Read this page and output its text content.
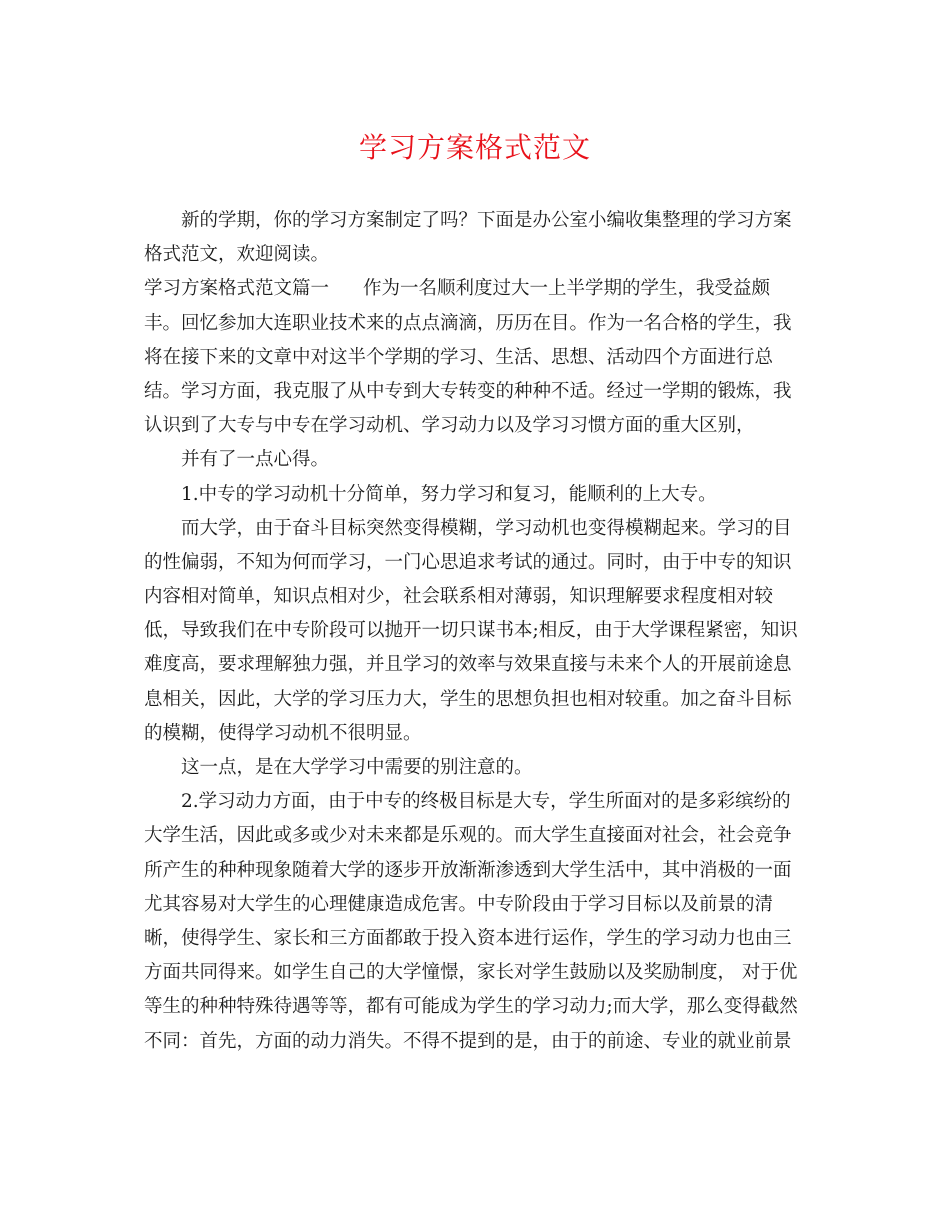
学习方案格式范文
新的学期，你的学习方案制定了吗？下面是办公室小编收集整理的学习方案
格式范文，欢迎阅读。
学习方案格式范文篇一 作为一名顺利度过大一上半学期的学生，我受益颇
丰。回忆参加大连职业技术来的点点滴滴，历历在目。作为一名合格的学生，我
将在接下来的文章中对这半个学期的学习、生活、思想、活动四个方面进行总
结。学习方面，我克服了从中专到大专转变的种种不适。经过一学期的锻炼，我
认识到了大专与中专在学习动机、学习动力以及学习习惯方面的重大区别，
并有了一点心得。
1.中专的学习动机十分简单，努力学习和复习，能顺利的上大专。
而大学，由于奋斗目标突然变得模糊，学习动机也变得模糊起来。学习的目
的性偏弱，不知为何而学习，一门心思追求考试的通过。同时，由于中专的知识
内容相对简单，知识点相对少，社会联系相对薄弱，知识理解要求程度相对较
低，导致我们在中专阶段可以抛开一切只谋书本;相反，由于大学课程紧密，知识
难度高，要求理解独力强，并且学习的效率与效果直接与未来个人的开展前途息
息相关，因此，大学的学习压力大，学生的思想负担也相对较重。加之奋斗目标
的模糊，使得学习动机不很明显。
这一点，是在大学学习中需要的别注意的。
2.学习动力方面，由于中专的终极目标是大专，学生所面对的是多彩缤纷的
大学生活，因此或多或少对未来都是乐观的。而大学生直接面对社会，社会竞争
所产生的种种现象随着大学的逐步开放渐渐渗透到大学生活中，其中消极的一面
尤其容易对大学生的心理健康造成危害。中专阶段由于学习目标以及前景的清
晰，使得学生、家长和三方面都敢于投入资本进行运作，学生的学习动力也由三
方面共同得来。如学生自己的大学憧憬，家长对学生鼓励以及奖励制度， 对于优
等生的种种特殊待遇等等，都有可能成为学生的学习动力;而大学，那么变得截然
不同：首先，方面的动力消失。不得不提到的是，由于的前途、专业的就业前景
